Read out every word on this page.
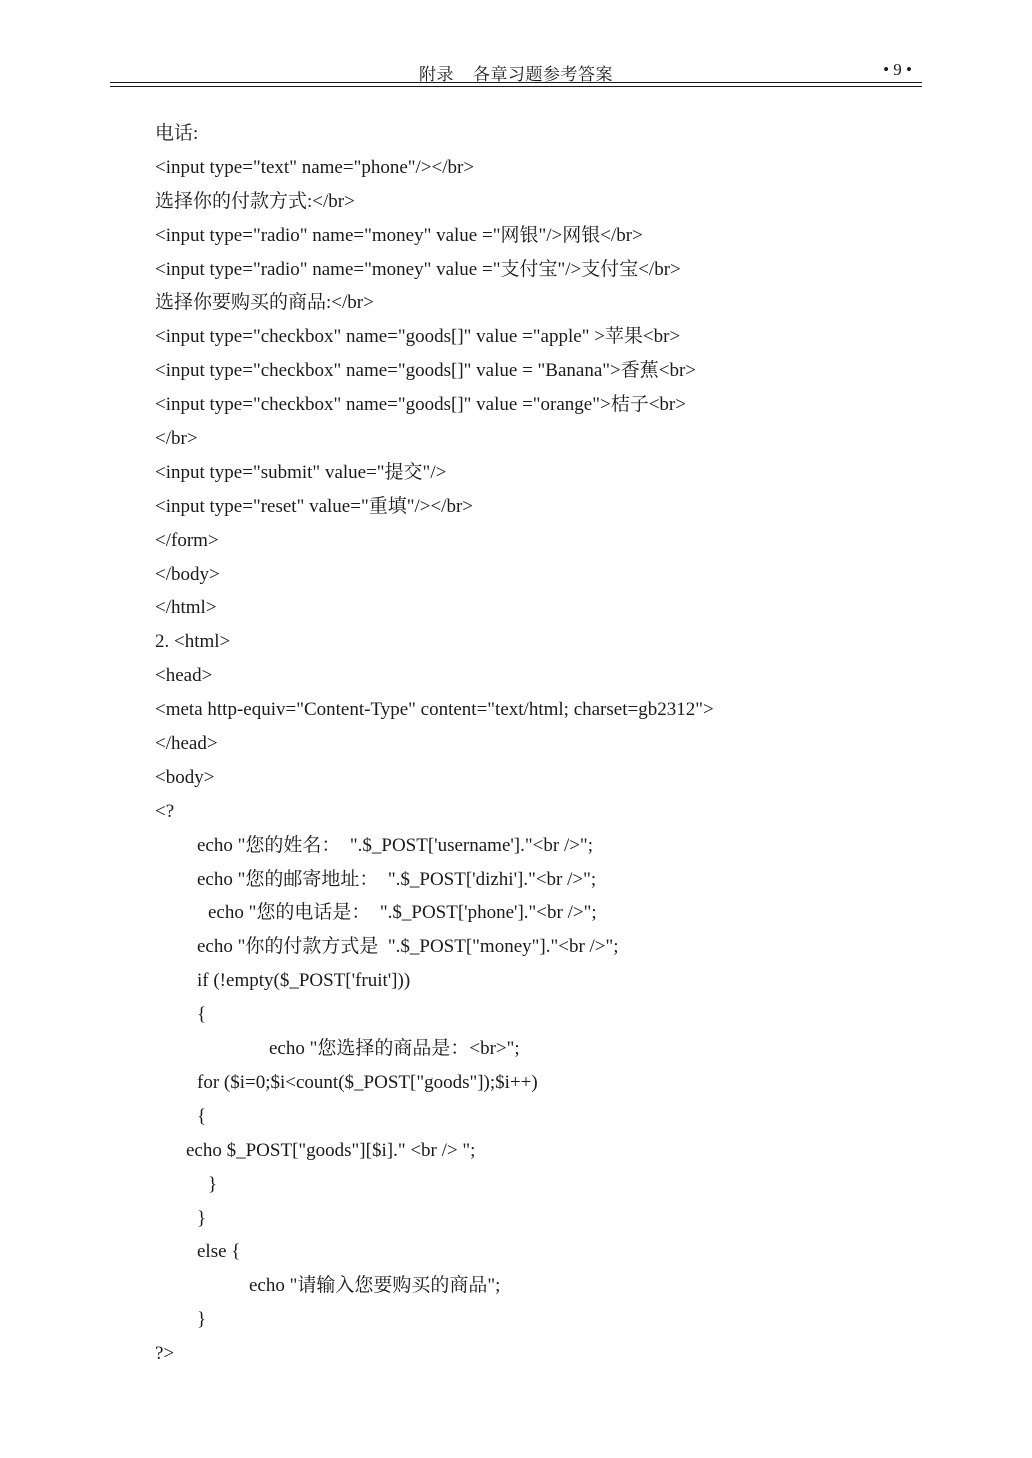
附录    各章习题参考答案	• 9 •
电话:
<input type="text" name="phone"/></br>
选择你的付款方式:</br>
<input type="radio" name="money" value ="网银"/>网银</br>
<input type="radio" name="money" value ="支付宝"/>支付宝</br>
选择你要购买的商品:</br>
<input type="checkbox" name="goods[]" value ="apple" >苹果<br>
<input type="checkbox" name="goods[]" value = "Banana">香蕉<br>
<input type="checkbox" name="goods[]" value ="orange">桔子<br>
</br>
<input type="submit" value="提交"/>
<input type="reset" value="重填"/></br>
</form>
</body>
</html>
2. <html>
<head>
<meta http-equiv="Content-Type" content="text/html; charset=gb2312">
</head>
<body>
<?
echo "您的姓名：  ".$_POST['username']."<br />";
echo "您的邮寄地址：  ".$_POST['dizhi']."<br />";
echo "您的电话是：  ".$_POST['phone']."<br />";
echo "你的付款方式是  ".$_POST["money"]."<br />";
if (!empty($_POST['fruit']))
{
echo "您选择的商品是：<br>";
for ($i=0;$i<count($_POST["goods"]);$i++)
{
echo $_POST["goods"][$i]." <br /> ";
}
}
else {
echo "请输入您要购买的商品";
}
?>
